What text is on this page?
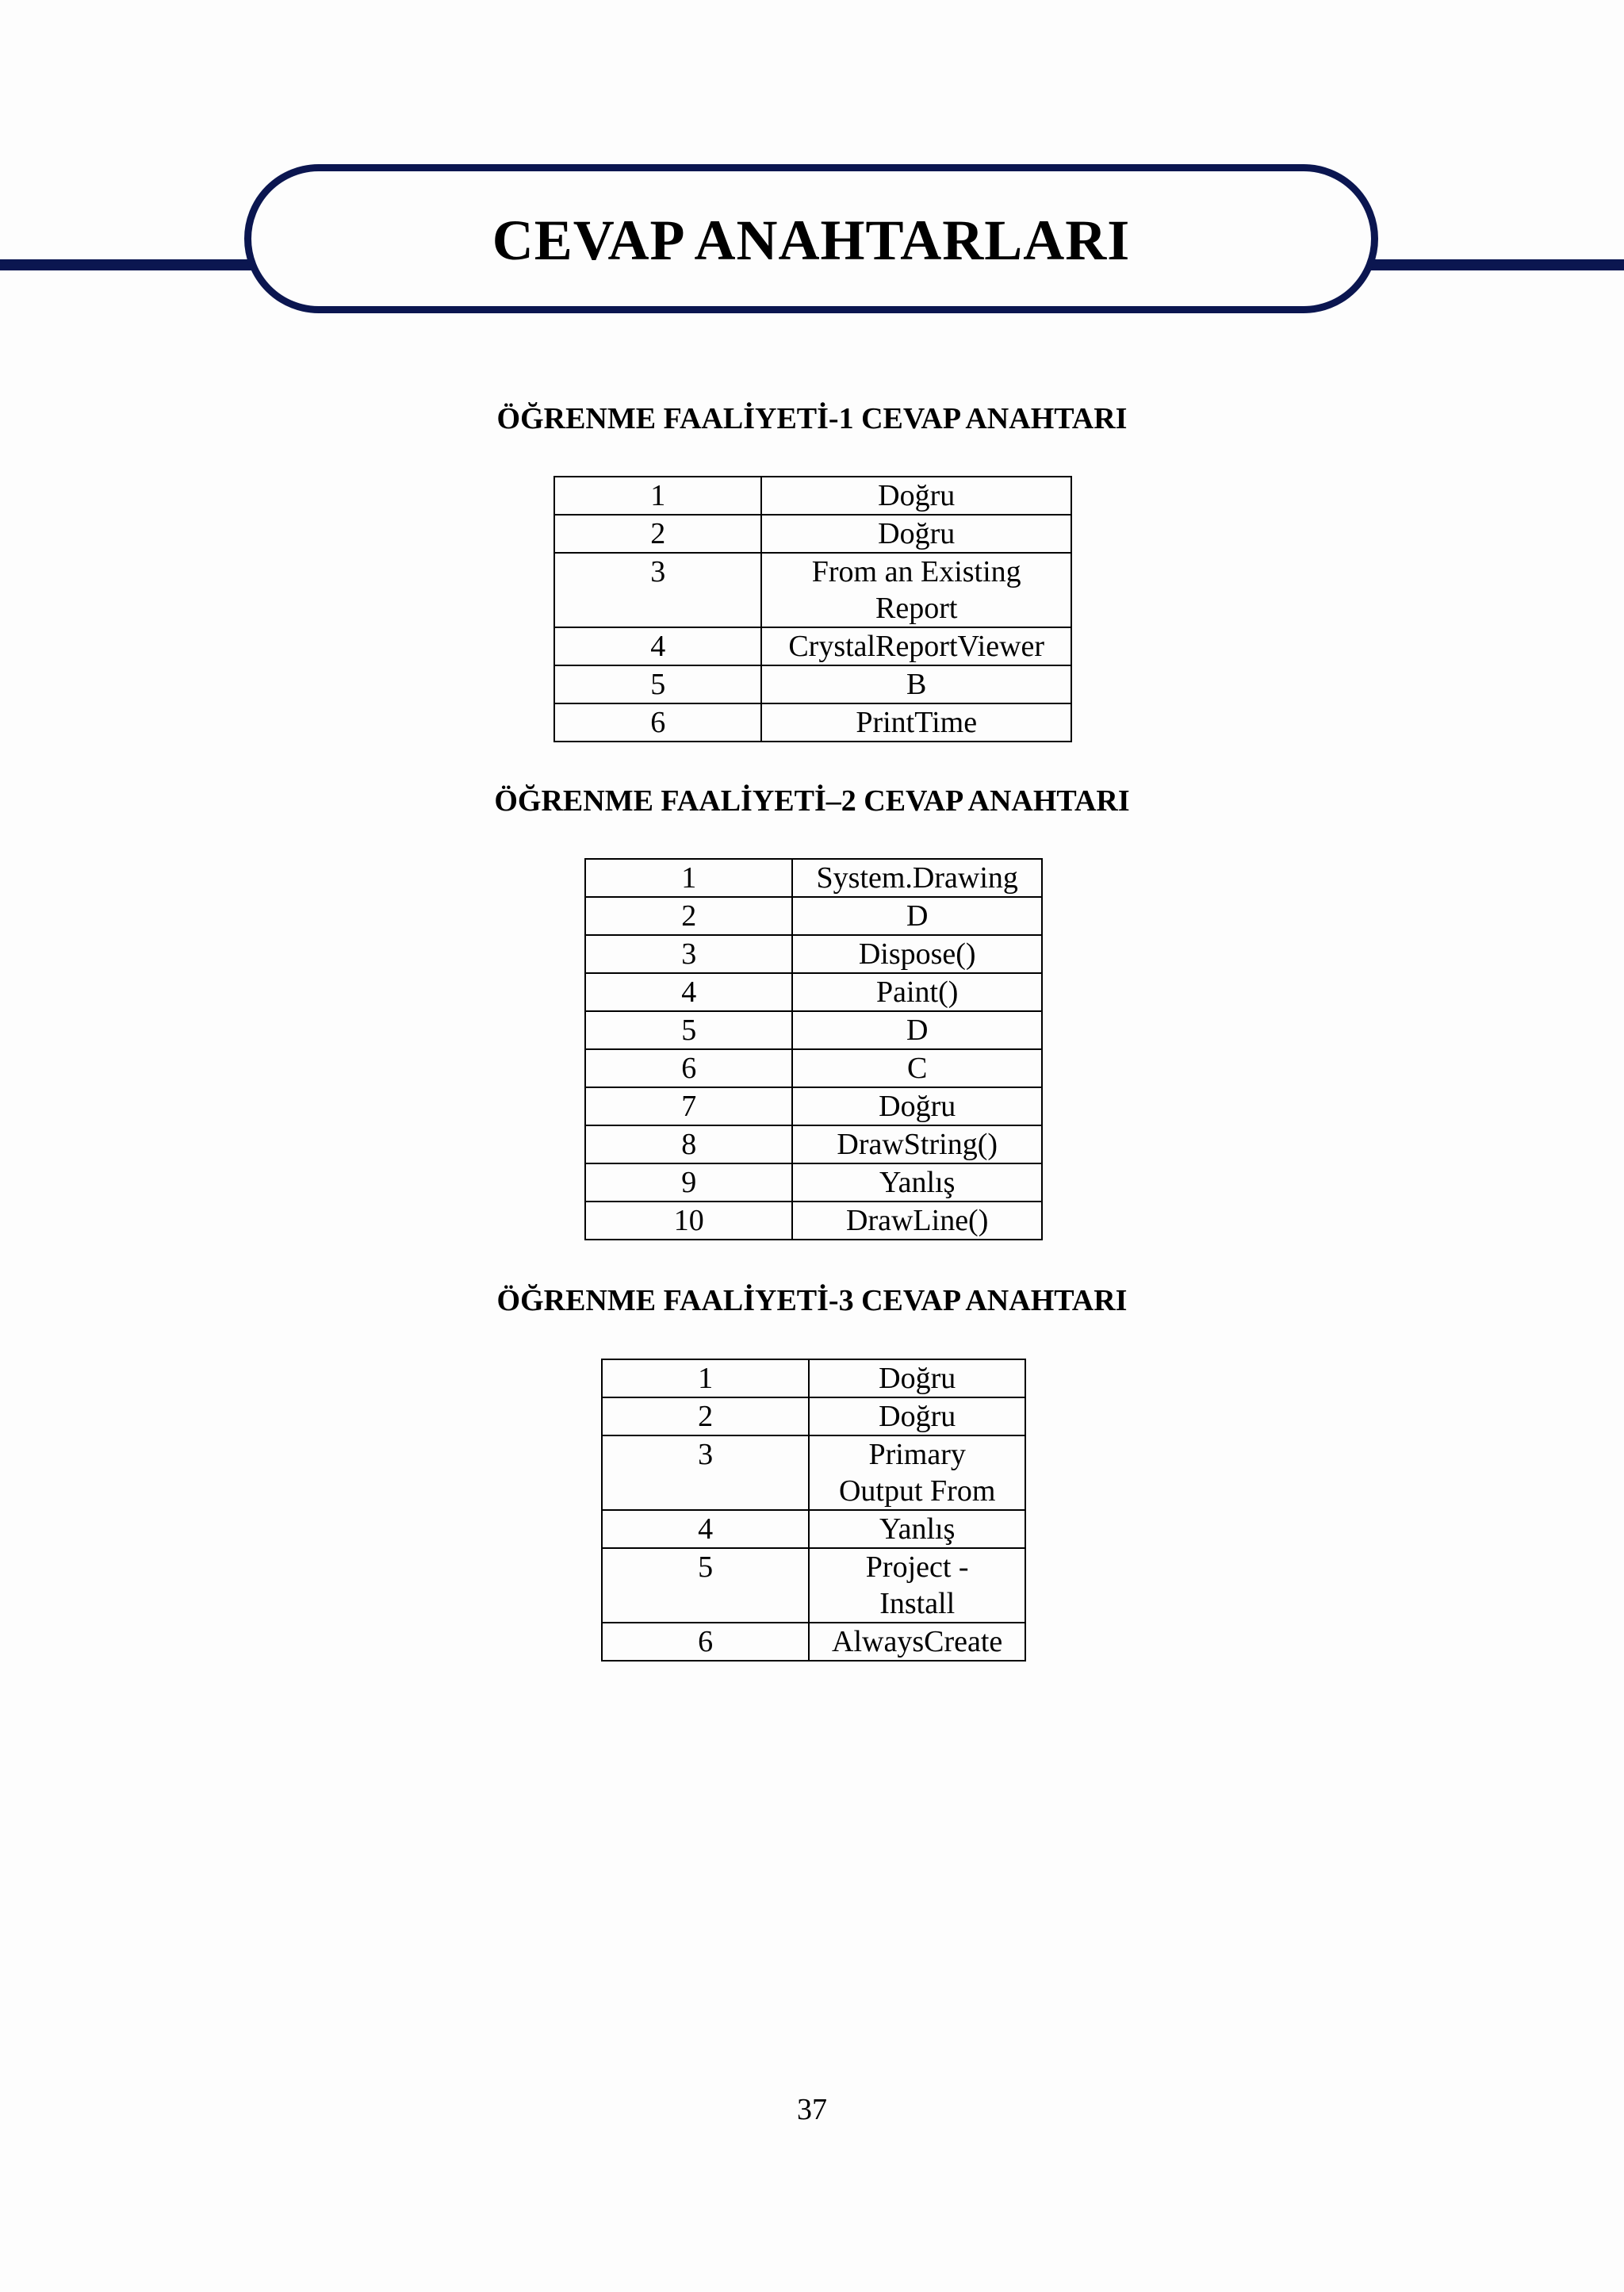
CEVAP ANAHTARLARI
ÖĞRENME FAALİYETİ-1 CEVAP ANAHTARI
1	Doğru
2	Doğru
3	From an Existing Report
4	CrystalReportViewer
5	B
6	PrintTime
ÖĞRENME FAALİYETİ–2 CEVAP ANAHTARI
1	System.Drawing
2	D
3	Dispose()
4	Paint()
5	D
6	C
7	Doğru
8	DrawString()
9	Yanlış
10	DrawLine()
ÖĞRENME FAALİYETİ-3 CEVAP ANAHTARI
1	Doğru
2	Doğru
3	Primary Output From
4	Yanlış
5	Project - Install
6	AlwaysCreate
37
